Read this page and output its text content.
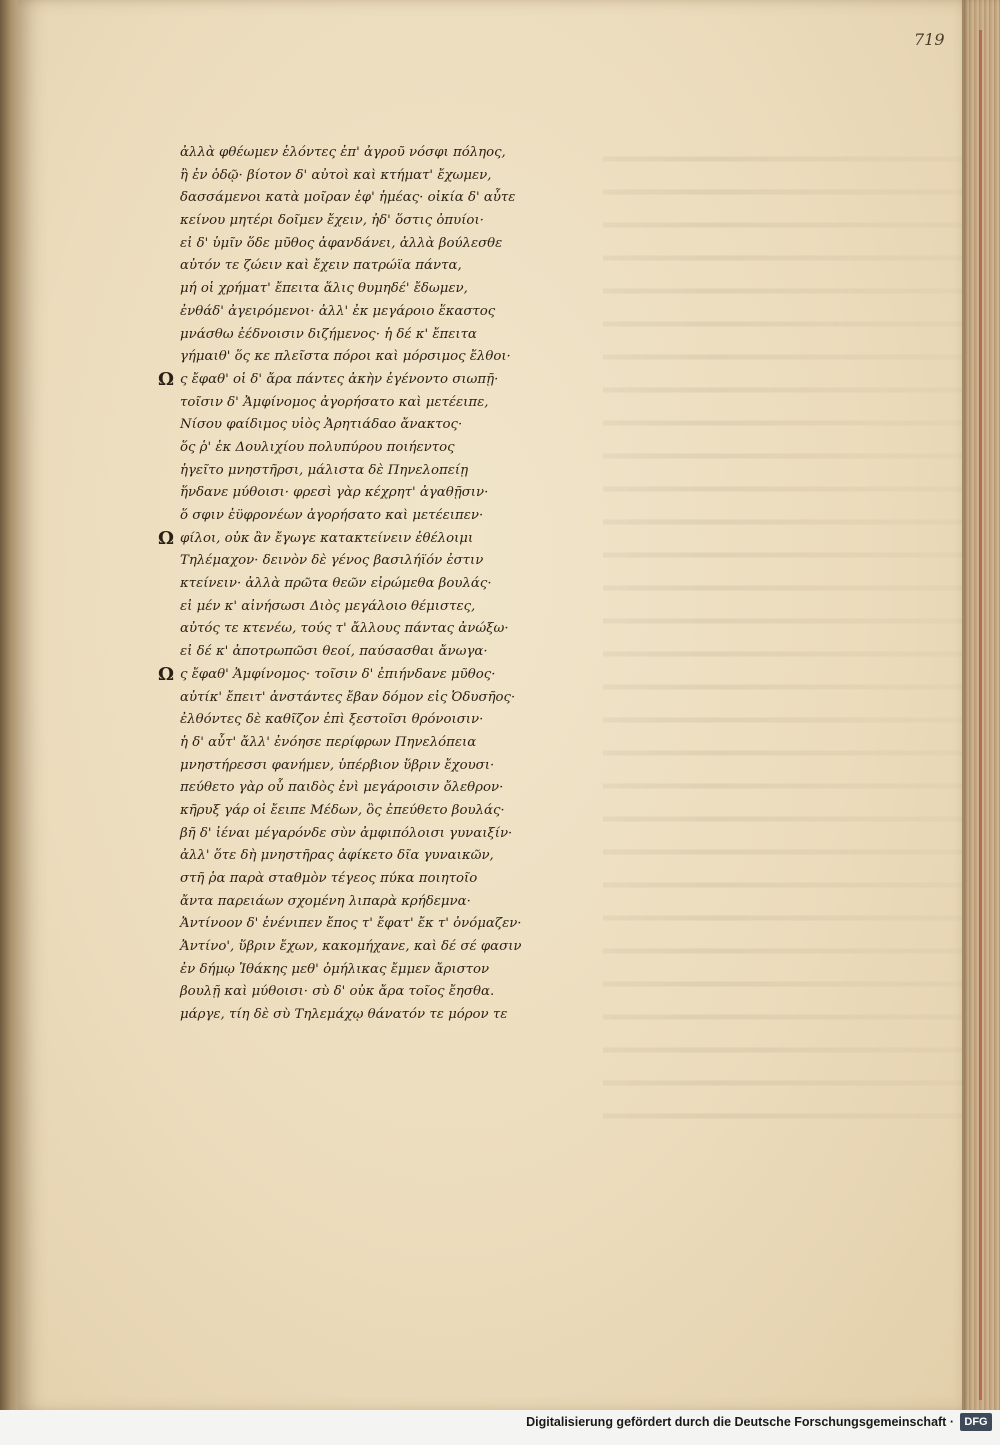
719
ἀλλὰ φθέωμεν ἑλόντες ἐπ' ἀγροῦ νόσφι πόληος,
ἢ ἐν ὁδῷ· βίοτον δ' αὐτοὶ καὶ κτήματ' ἔχωμεν,
δασσάμενοι κατὰ μοῖραν ἐφ' ἡμέας· οἰκία δ' αὖτε
κείνου μητέρι δοῖμεν ἔχειν, ἠδ' ὅστις ὀπυίοι·
εἰ δ' ὑμῖν ὅδε μῦθος ἀφανδάνει, ἀλλὰ βούλεσθε
αὐτόν τε ζώειν καὶ ἔχειν πατρώϊα πάντα,
μή οἱ χρήματ' ἔπειτα ἅλις θυμηδέ' ἔδωμεν,
ἐνθάδ' ἀγειρόμενοι· ἀλλ' ἐκ μεγάροιο ἕκαστος
μνάσθω ἐέδνοισιν διζήμενος· ἡ δέ κ' ἔπειτα
γήμαιθ' ὅς κε πλεῖστα πόροι καὶ μόρσιμος ἔλθοι·
Ω ς ἔφαθ' οἱ δ' ἄρα πάντες ἀκὴν ἐγένοντο σιωπῇ·
τοῖσιν δ' Ἀμφίνομος ἀγορήσατο καὶ μετέειπε,
Νίσου φαίδιμος υἱὸς Ἀρητιάδαο ἄνακτος·
ὅς ῥ' ἐκ Δουλιχίου πολυπύρου ποιήεντος
ἡγεῖτο μνηστῆρσι, μάλιστα δὲ Πηνελοπείῃ
ἥνδανε μύθοισι· φρεσὶ γὰρ κέχρητ' ἀγαθῇσιν·
ὅ σφιν ἐϋφρονέων ἀγορήσατο καὶ μετέειπεν·
Ω φίλοι, οὐκ ἂν ἔγωγε κατακτείνειν ἐθέλοιμι
Τηλέμαχον· δεινὸν δὲ γένος βασιλήϊόν ἐστιν
κτείνειν· ἀλλὰ πρῶτα θεῶν εἰρώμεθα βουλάς·
εἰ μέν κ' αἰνήσωσι Διὸς μεγάλοιο θέμιστες,
αὐτός τε κτενέω, τούς τ' ἄλλους πάντας ἀνώξω·
εἰ δέ κ' ἀποτρωπῶσι θεοί, παύσασθαι ἄνωγα·
Ω ς ἔφαθ' Ἀμφίνομος· τοῖσιν δ' ἐπιήνδανε μῦθος·
αὐτίκ' ἔπειτ' ἀνστάντες ἔβαν δόμον εἰς Ὀδυσῆος·
ἐλθόντες δὲ καθῖζον ἐπὶ ξεστοῖσι θρόνοισιν·
ἡ δ' αὖτ' ἄλλ' ἐνόησε περίφρων Πηνελόπεια
μνηστήρεσσι φανήμεν, ὑπέρβιον ὕβριν ἔχουσι·
πεύθετο γὰρ οὗ παιδὸς ἐνὶ μεγάροισιν ὄλεθρον·
κῆρυξ γάρ οἱ ἔειπε Μέδων, ὃς ἐπεύθετο βουλάς·
βῆ δ' ἰέναι μέγαρόνδε σὺν ἀμφιπόλοισι γυναιξίν·
ἀλλ' ὅτε δὴ μνηστῆρας ἀφίκετο δῖα γυναικῶν,
στῆ ῥα παρὰ σταθμὸν τέγεος πύκα ποιητοῖο
ἄντα παρειάων σχομένη λιπαρὰ κρήδεμνα·
Ἀντίνοον δ' ἐνένιπεν ἔπος τ' ἔφατ' ἔκ τ' ὀνόμαζεν·
Ἀντίνο', ὕβριν ἔχων, κακομήχανε, καὶ δέ σέ φασιν
ἐν δήμῳ Ἰθάκης μεθ' ὁμήλικας ἔμμεν ἄριστον
βουλῇ καὶ μύθοισι· σὺ δ' οὐκ ἄρα τοῖος ἔησθα.
μάργε, τίη δὲ σὺ Τηλεμάχῳ θάνατόν τε μόρον τε
Digitalisierung gefördert durch die Deutsche Forschungsgemeinschaft · DFG
